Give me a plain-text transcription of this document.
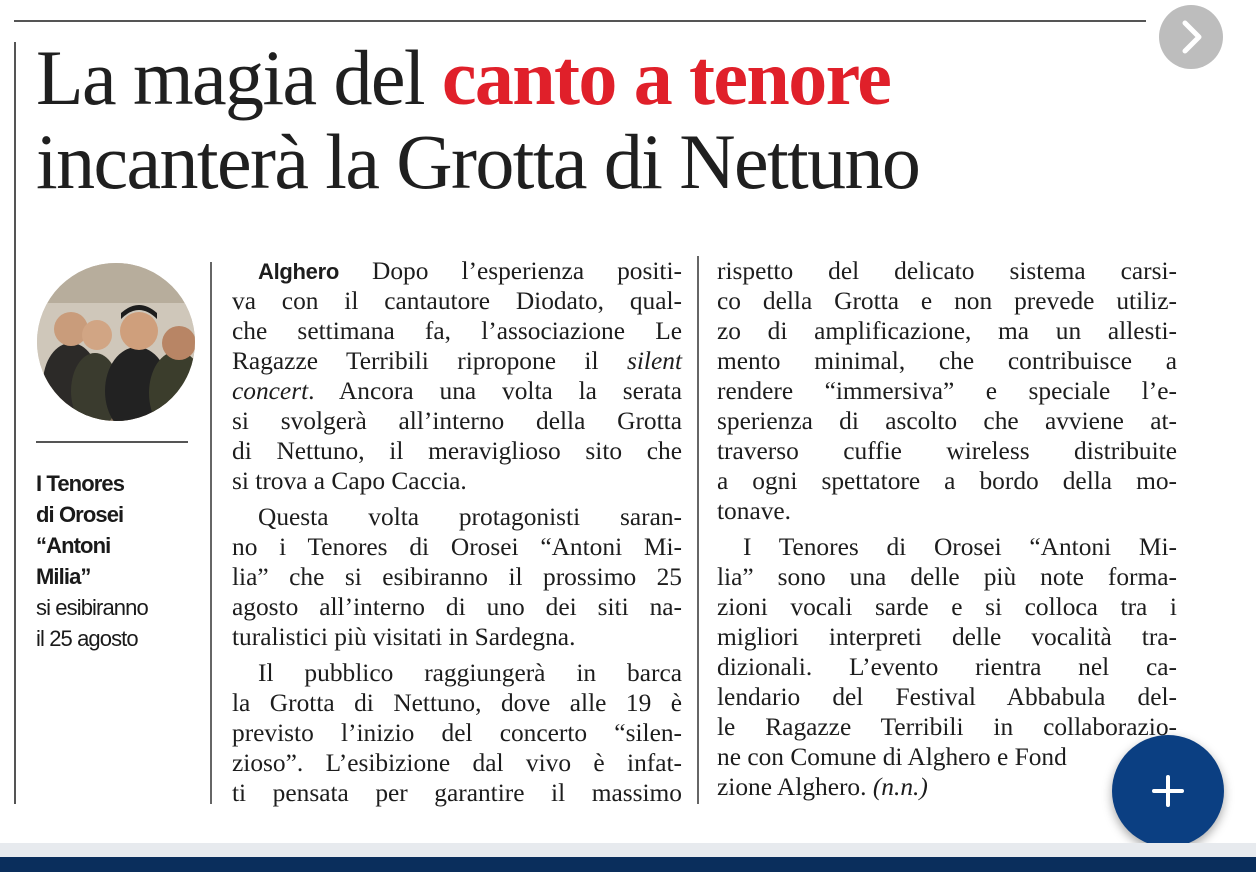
La magia del canto a tenore
incanterà la Grotta di Nettuno
I Tenores
di Orosei
“Antoni
Milia”
si esibiranno
il 25 agosto
Alghero Dopo l’esperienza positi-
va con il cantautore Diodato, qual-
che settimana fa, l’associazione Le
Ragazze Terribili ripropone il silent
concert. Ancora una volta la serata
si svolgerà all’interno della Grotta
di Nettuno, il meraviglioso sito che
si trova a Capo Caccia.
Questa volta protagonisti saran-
no i Tenores di Orosei “Antoni Mi-
lia” che si esibiranno il prossimo 25
agosto all’interno di uno dei siti na-
turalistici più visitati in Sardegna.
Il pubblico raggiungerà in barca
la Grotta di Nettuno, dove alle 19 è
previsto l’inizio del concerto “silen-
zioso”. L’esibizione dal vivo è infat-
ti pensata per garantire il massimo
rispetto del delicato sistema carsi-
co della Grotta e non prevede utiliz-
zo di amplificazione, ma un allesti-
mento minimal, che contribuisce a
rendere “immersiva” e speciale l’e-
sperienza di ascolto che avviene at-
traverso cuffie wireless distribuite
a ogni spettatore a bordo della mo-
tonave.
I Tenores di Orosei “Antoni Mi-
lia” sono una delle più note forma-
zioni vocali sarde e si colloca tra i
migliori interpreti delle vocalità tra-
dizionali. L’evento rientra nel ca-
lendario del Festival Abbabula del-
le Ragazze Terribili in collaborazio-
ne con Comune di Alghero e Fond
zione Alghero. (n.n.)
